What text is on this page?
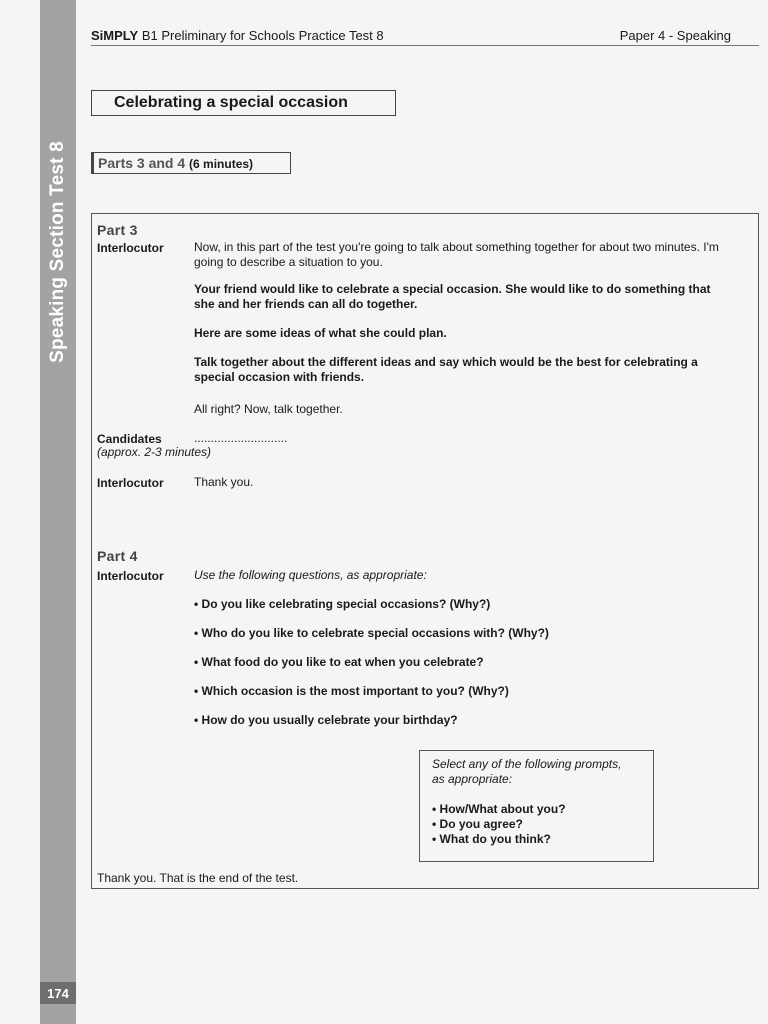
Speaking Section Test 8
174
SiMPLY B1 Preliminary for Schools Practice Test 8	Paper 4 - Speaking
Celebrating a special occasion
Parts 3 and 4 (6 minutes)
Part 3
Interlocutor	Now, in this part of the test you're going to talk about something together for about two minutes. I'm going to describe a situation to you.
Your friend would like to celebrate a special occasion. She would like to do something that she and her friends can all do together.
Here are some ideas of what she could plan.
Talk together about the different ideas and say which would be the best for celebrating a special occasion with friends.
All right? Now, talk together.
Candidates	............................
(approx. 2-3 minutes)
Interlocutor	Thank you.
Part 4
Interlocutor	Use the following questions, as appropriate:
• Do you like celebrating special occasions? (Why?)
• Who do you like to celebrate special occasions with? (Why?)
• What food do you like to eat when you celebrate?
• Which occasion is the most important to you? (Why?)
• How do you usually celebrate your birthday?
Select any of the following prompts,
as appropriate:
• How/What about you?
• Do you agree?
• What do you think?
Thank you. That is the end of the test.
